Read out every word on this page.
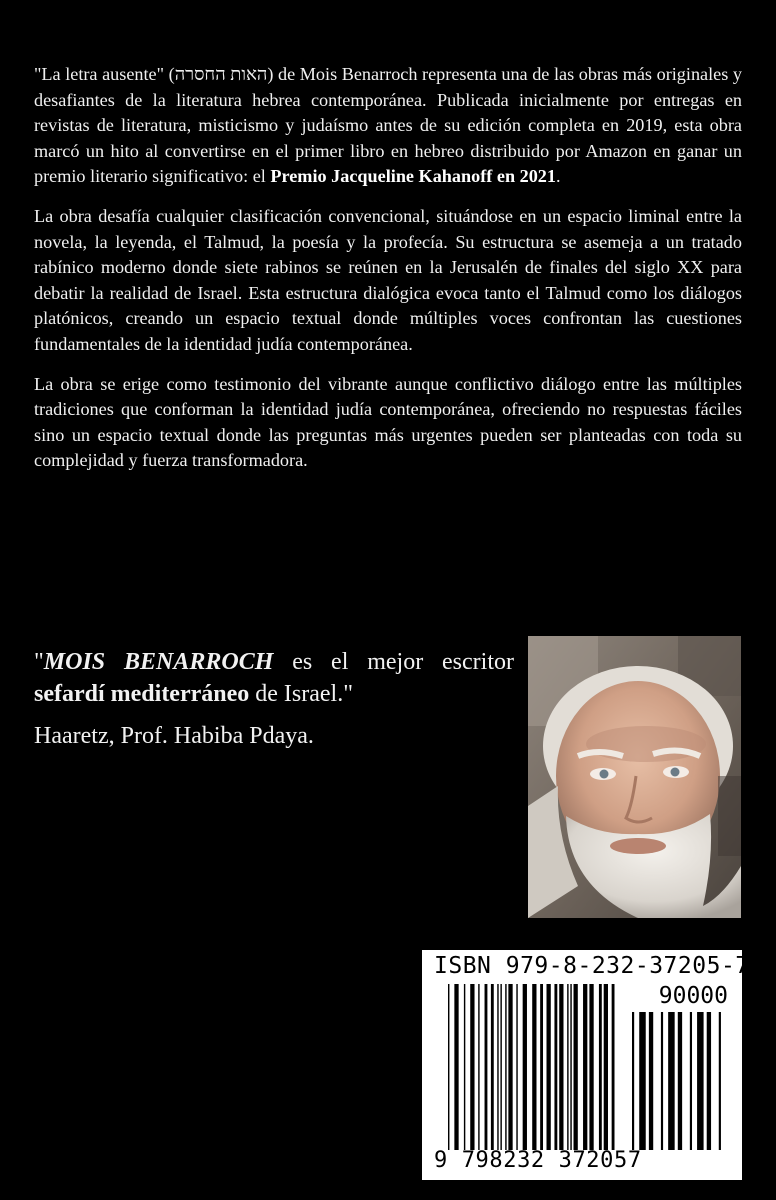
"La letra ausente" (האות החסרה) de Mois Benarroch representa una de las obras más originales y desafiantes de la literatura hebrea contemporánea. Publicada inicialmente por entregas en revistas de literatura, misticismo y judaísmo antes de su edición completa en 2019, esta obra marcó un hito al convertirse en el primer libro en hebreo distribuido por Amazon en ganar un premio literario significativo: el Premio Jacqueline Kahanoff en 2021.

La obra desafía cualquier clasificación convencional, situándose en un espacio liminal entre la novela, la leyenda, el Talmud, la poesía y la profecía. Su estructura se asemeja a un tratado rabínico moderno donde siete rabinos se reúnen en la Jerusalén de finales del siglo XX para debatir la realidad de Israel. Esta estructura dialógica evoca tanto el Talmud como los diálogos platónicos, creando un espacio textual donde múltiples voces confrontan las cuestiones fundamentales de la identidad judía contemporánea.

La obra se erige como testimonio del vibrante aunque conflictivo diálogo entre las múltiples tradiciones que conforman la identidad judía contemporánea, ofreciendo no respuestas fáciles sino un espacio textual donde las preguntas más urgentes pueden ser planteadas con toda su complejidad y fuerza transformadora.

"MOIS BENARROCH es el mejor escritor sefardí mediterráneo de Israel."

Haaretz, Prof. Habiba Pdaya.

ISBN 979-8-232-37205-7
90000
9 798232 372057
